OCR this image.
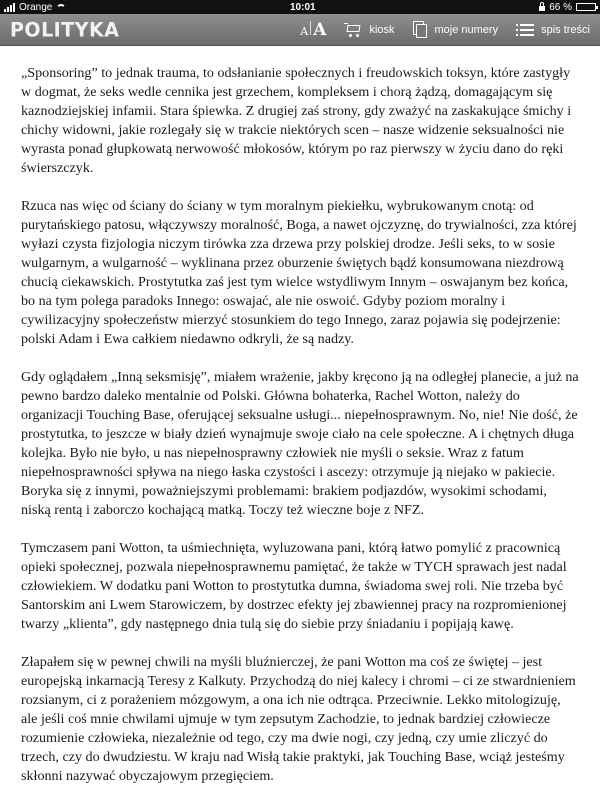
Orange	10:01	66 %
POLITYKA	A A	kiosk	moje numery	spis treści

„Sponsoring” to jednak trauma, to odsłanianie społecznych i freudowskich toksyn, które zastygły w dogmat, że seks wedle cennika jest grzechem, kompleksem i chorą żądzą, domagającym się kaznodziejskiej infamii. Stara śpiewka. Z drugiej zaś strony, gdy zważyć na zaskakujące śmichy i chichy widowni, jakie rozlegały się w trakcie niektórych scen – nasze widzenie seksualności nie wyrasta ponad głupkowatą nerwowość młokosów, którym po raz pierwszy w życiu dano do ręki świerszczyk.

Rzuca nas więc od ściany do ściany w tym moralnym piekiełku, wybrukowanym cnotą: od purytańskiego patosu, włączywszy moralność, Boga, a nawet ojczyznę, do trywialności, zza której wyłazi czysta fizjologia niczym tirówka zza drzewa przy polskiej drodze. Jeśli seks, to w sosie wulgarnym, a wulgarność – wyklinana przez oburzenie świętych bądź konsumowana niezdrową chucią ciekawskich. Prostytutka zaś jest tym wielce wstydliwym Innym – oswajanym bez końca, bo na tym polega paradoks Innego: oswajać, ale nie oswoić. Gdyby poziom moralny i cywilizacyjny społeczeństw mierzyć stosunkiem do tego Innego, zaraz pojawia się podejrzenie: polski Adam i Ewa całkiem niedawno odkryli, że są nadzy.

Gdy oglądałem „Inną seksmisję”, miałem wrażenie, jakby kręcono ją na odległej planecie, a już na pewno bardzo daleko mentalnie od Polski. Główna bohaterka, Rachel Wotton, należy do organizacji Touching Base, oferującej seksualne usługi... niepełnosprawnym. No, nie! Nie dość, że prostytutka, to jeszcze w biały dzień wynajmuje swoje ciało na cele społeczne. A i chętnych długa kolejka. Było nie było, u nas niepełnosprawny człowiek nie myśli o seksie. Wraz z fatum niepełnosprawności spływa na niego łaska czystości i ascezy: otrzymuje ją niejako w pakiecie. Boryka się z innymi, poważniejszymi problemami: brakiem podjazdów, wysokimi schodami, niską rentą i zaborczo kochającą matką. Toczy też wieczne boje z NFZ.

Tymczasem pani Wotton, ta uśmiechnięta, wyluzowana pani, którą łatwo pomylić z pracownicą opieki społecznej, pozwala niepełnosprawnemu pamiętać, że także w TYCH sprawach jest nadal człowiekiem. W dodatku pani Wotton to prostytutka dumna, świadoma swej roli. Nie trzeba być Santorskim ani Lwem Starowiczem, by dostrzec efekty jej zbawiennej pracy na rozpromienionej twarzy „klienta”, gdy następnego dnia tulą się do siebie przy śniadaniu i popijają kawę.

Złapałem się w pewnej chwili na myśli bluźnierczej, że pani Wotton ma coś ze świętej – jest europejską inkarnacją Teresy z Kalkuty. Przychodzą do niej kalecy i chromi – ci ze stwardnieniem rozsianym, ci z porażeniem mózgowym, a ona ich nie odtrąca. Przeciwnie. Lekko mitologizuję, ale jeśli coś mnie chwilami ujmuje w tym zepsutym Zachodzie, to jednak bardziej człowiecze rozumienie człowieka, niezależnie od tego, czy ma dwie nogi, czy jedną, czy umie zliczyć do trzech, czy do dwudziestu. W kraju nad Wisłą takie praktyki, jak Touching Base, wciąż jesteśmy skłonni nazywać obyczajowym przegięciem.
